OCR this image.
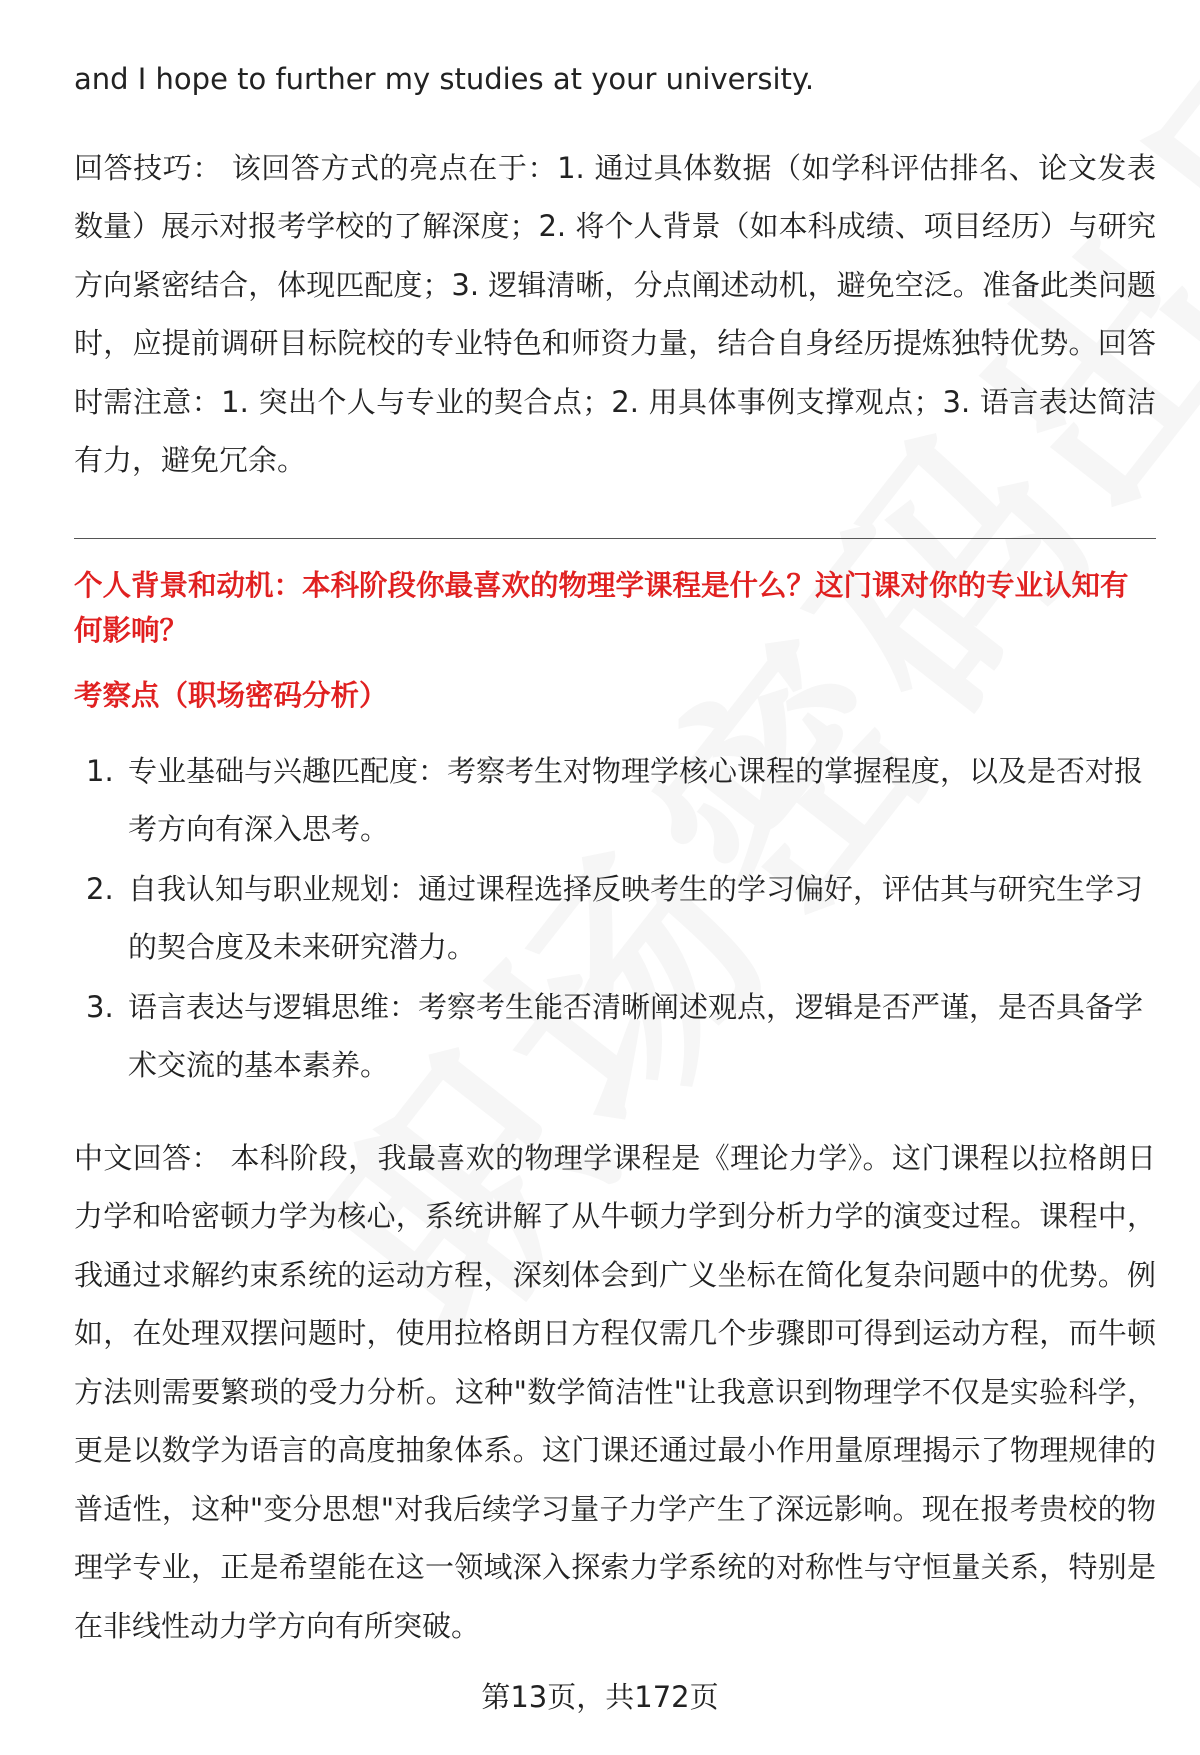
and I hope to further my studies at your university.

回答技巧： 该回答方式的亮点在于：1. 通过具体数据（如学科评估排名、论文发表数量）展示对报考学校的了解深度；2. 将个人背景（如本科成绩、项目经历）与研究方向紧密结合，体现匹配度；3. 逻辑清晰，分点阐述动机，避免空泛。准备此类问题时，应提前调研目标院校的专业特色和师资力量，结合自身经历提炼独特优势。回答时需注意：1. 突出个人与专业的契合点；2. 用具体事例支撑观点；3. 语言表达简洁有力，避免冗余。

个人背景和动机：本科阶段你最喜欢的物理学课程是什么？这门课对你的专业认知有何影响？

考察点（职场密码分析）

1. 专业基础与兴趣匹配度：考察考生对物理学核心课程的掌握程度，以及是否对报考方向有深入思考。
2. 自我认知与职业规划：通过课程选择反映考生的学习偏好，评估其与研究生学习的契合度及未来研究潜力。
3. 语言表达与逻辑思维：考察考生能否清晰阐述观点，逻辑是否严谨，是否具备学术交流的基本素养。

中文回答： 本科阶段，我最喜欢的物理学课程是《理论力学》。这门课程以拉格朗日力学和哈密顿力学为核心，系统讲解了从牛顿力学到分析力学的演变过程。课程中，我通过求解约束系统的运动方程，深刻体会到广义坐标在简化复杂问题中的优势。例如，在处理双摆问题时，使用拉格朗日方程仅需几个步骤即可得到运动方程，而牛顿方法则需要繁琐的受力分析。这种"数学简洁性"让我意识到物理学不仅是实验科学，更是以数学为语言的高度抽象体系。这门课还通过最小作用量原理揭示了物理规律的普适性，这种"变分思想"对我后续学习量子力学产生了深远影响。现在报考贵校的物理学专业，正是希望能在这一领域深入探索力学系统的对称性与守恒量关系，特别是在非线性动力学方向有所突破。

第13页，共172页
